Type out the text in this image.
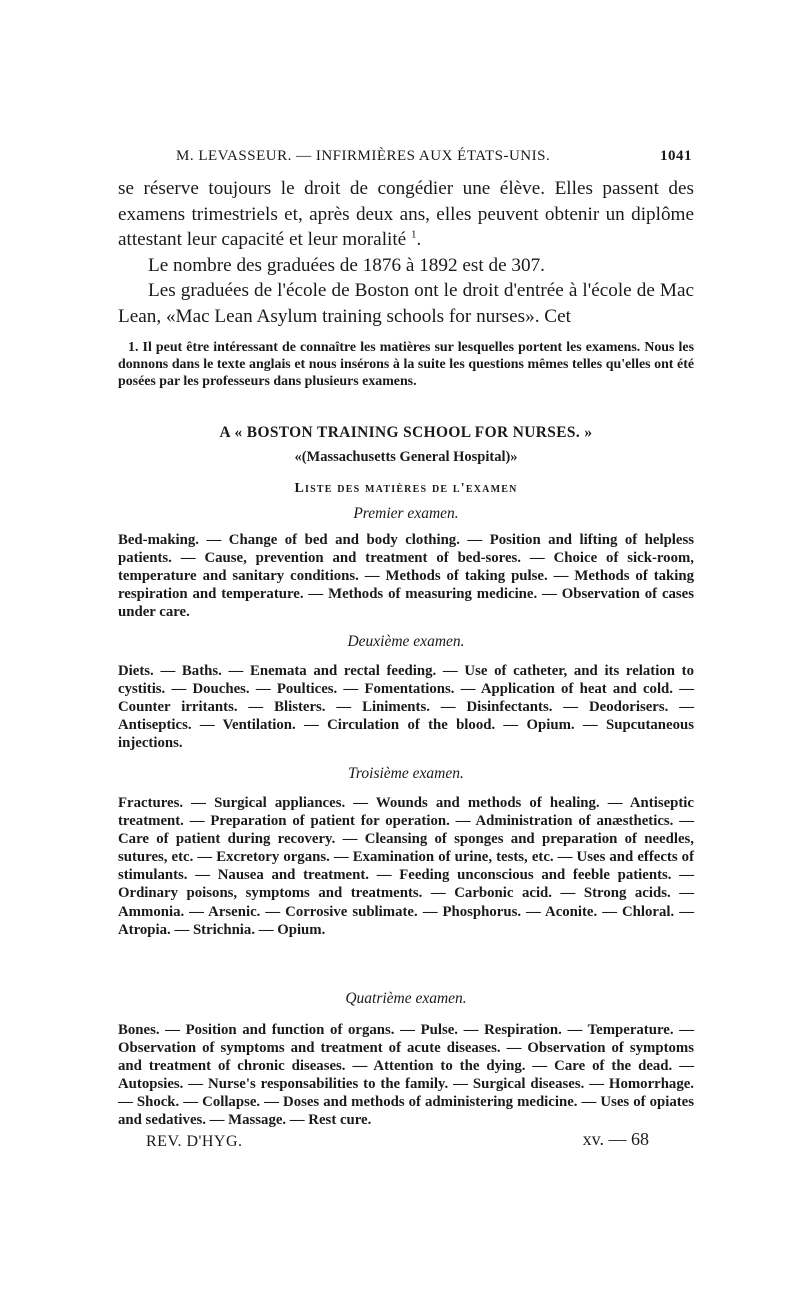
M. LEVASSEUR. — INFIRMIÈRES AUX ÉTATS-UNIS.	1041

se réserve toujours le droit de congédier une élève. Elles passent des examens trimestriels et, après deux ans, elles peuvent obtenir un diplôme attestant leur capacité et leur moralité $^1$.

Le nombre des graduées de 1876 à 1892 est de 307.

Les graduées de l'école de Boston ont le droit d'entrée à l'école de Mac Lean, «Mac Lean Asylum training schools for nurses». Cet

1. Il peut être intéressant de connaître les matières sur lesquelles portent les examens. Nous les donnons dans le texte anglais et nous insérons à la suite les questions mêmes telles qu'elles ont été posées par les professeurs dans plusieurs examens.

A « BOSTON TRAINING SCHOOL FOR NURSES. »
«(Massachusetts General Hospital)»
Liste des matières de l'examen
Premier examen.

Bed-making. — Change of bed and body clothing. — Position and lifting of helpless patients. — Cause, prevention and treatment of bed-sores. — Choice of sick-room, temperature and sanitary conditions. — Methods of taking pulse. — Methods of taking respiration and temperature. — Methods of measuring medicine. — Observation of cases under care.

Deuxième examen.

Diets. — Baths. — Enemata and rectal feeding. — Use of catheter, and its relation to cystitis. — Douches. — Poultices. — Fomentations. — Application of heat and cold. — Counter irritants. — Blisters. — Liniments. — Disinfectants. — Deodorisers. — Antiseptics. — Ventilation. — Circulation of the blood. — Opium. — Supcutaneous injections.

Troisième examen.

Fractures. — Surgical appliances. — Wounds and methods of healing. — Antiseptic treatment. — Preparation of patient for operation. — Administration of anæsthetics. — Care of patient during recovery. — Cleansing of sponges and preparation of needles, sutures, etc. — Excretory organs. — Examination of urine, tests, etc. — Uses and effects of stimulants. — Nausea and treatment. — Feeding unconscious and feeble patients. — Ordinary poisons, symptoms and treatments. — Carbonic acid. — Strong acids. — Ammonia. — Arsenic. — Corrosive sublimate. — Phosphorus. — Aconite. — Chloral. — Atropia. — Strichnia. — Opium.

Quatrième examen.

Bones. — Position and function of organs. — Pulse. — Respiration. — Temperature. — Observation of symptoms and treatment of acute diseases. — Observation of symptoms and treatment of chronic diseases. — Attention to the dying. — Care of the dead. — Autopsies. — Nurse's responsabilities to the family. — Surgical diseases. — Homorrhage. — Shock. — Collapse. — Doses and methods of administering medicine. — Uses of opiates and sedatives. — Massage. — Rest cure.

REV. D'HYG.	xv. — 68
